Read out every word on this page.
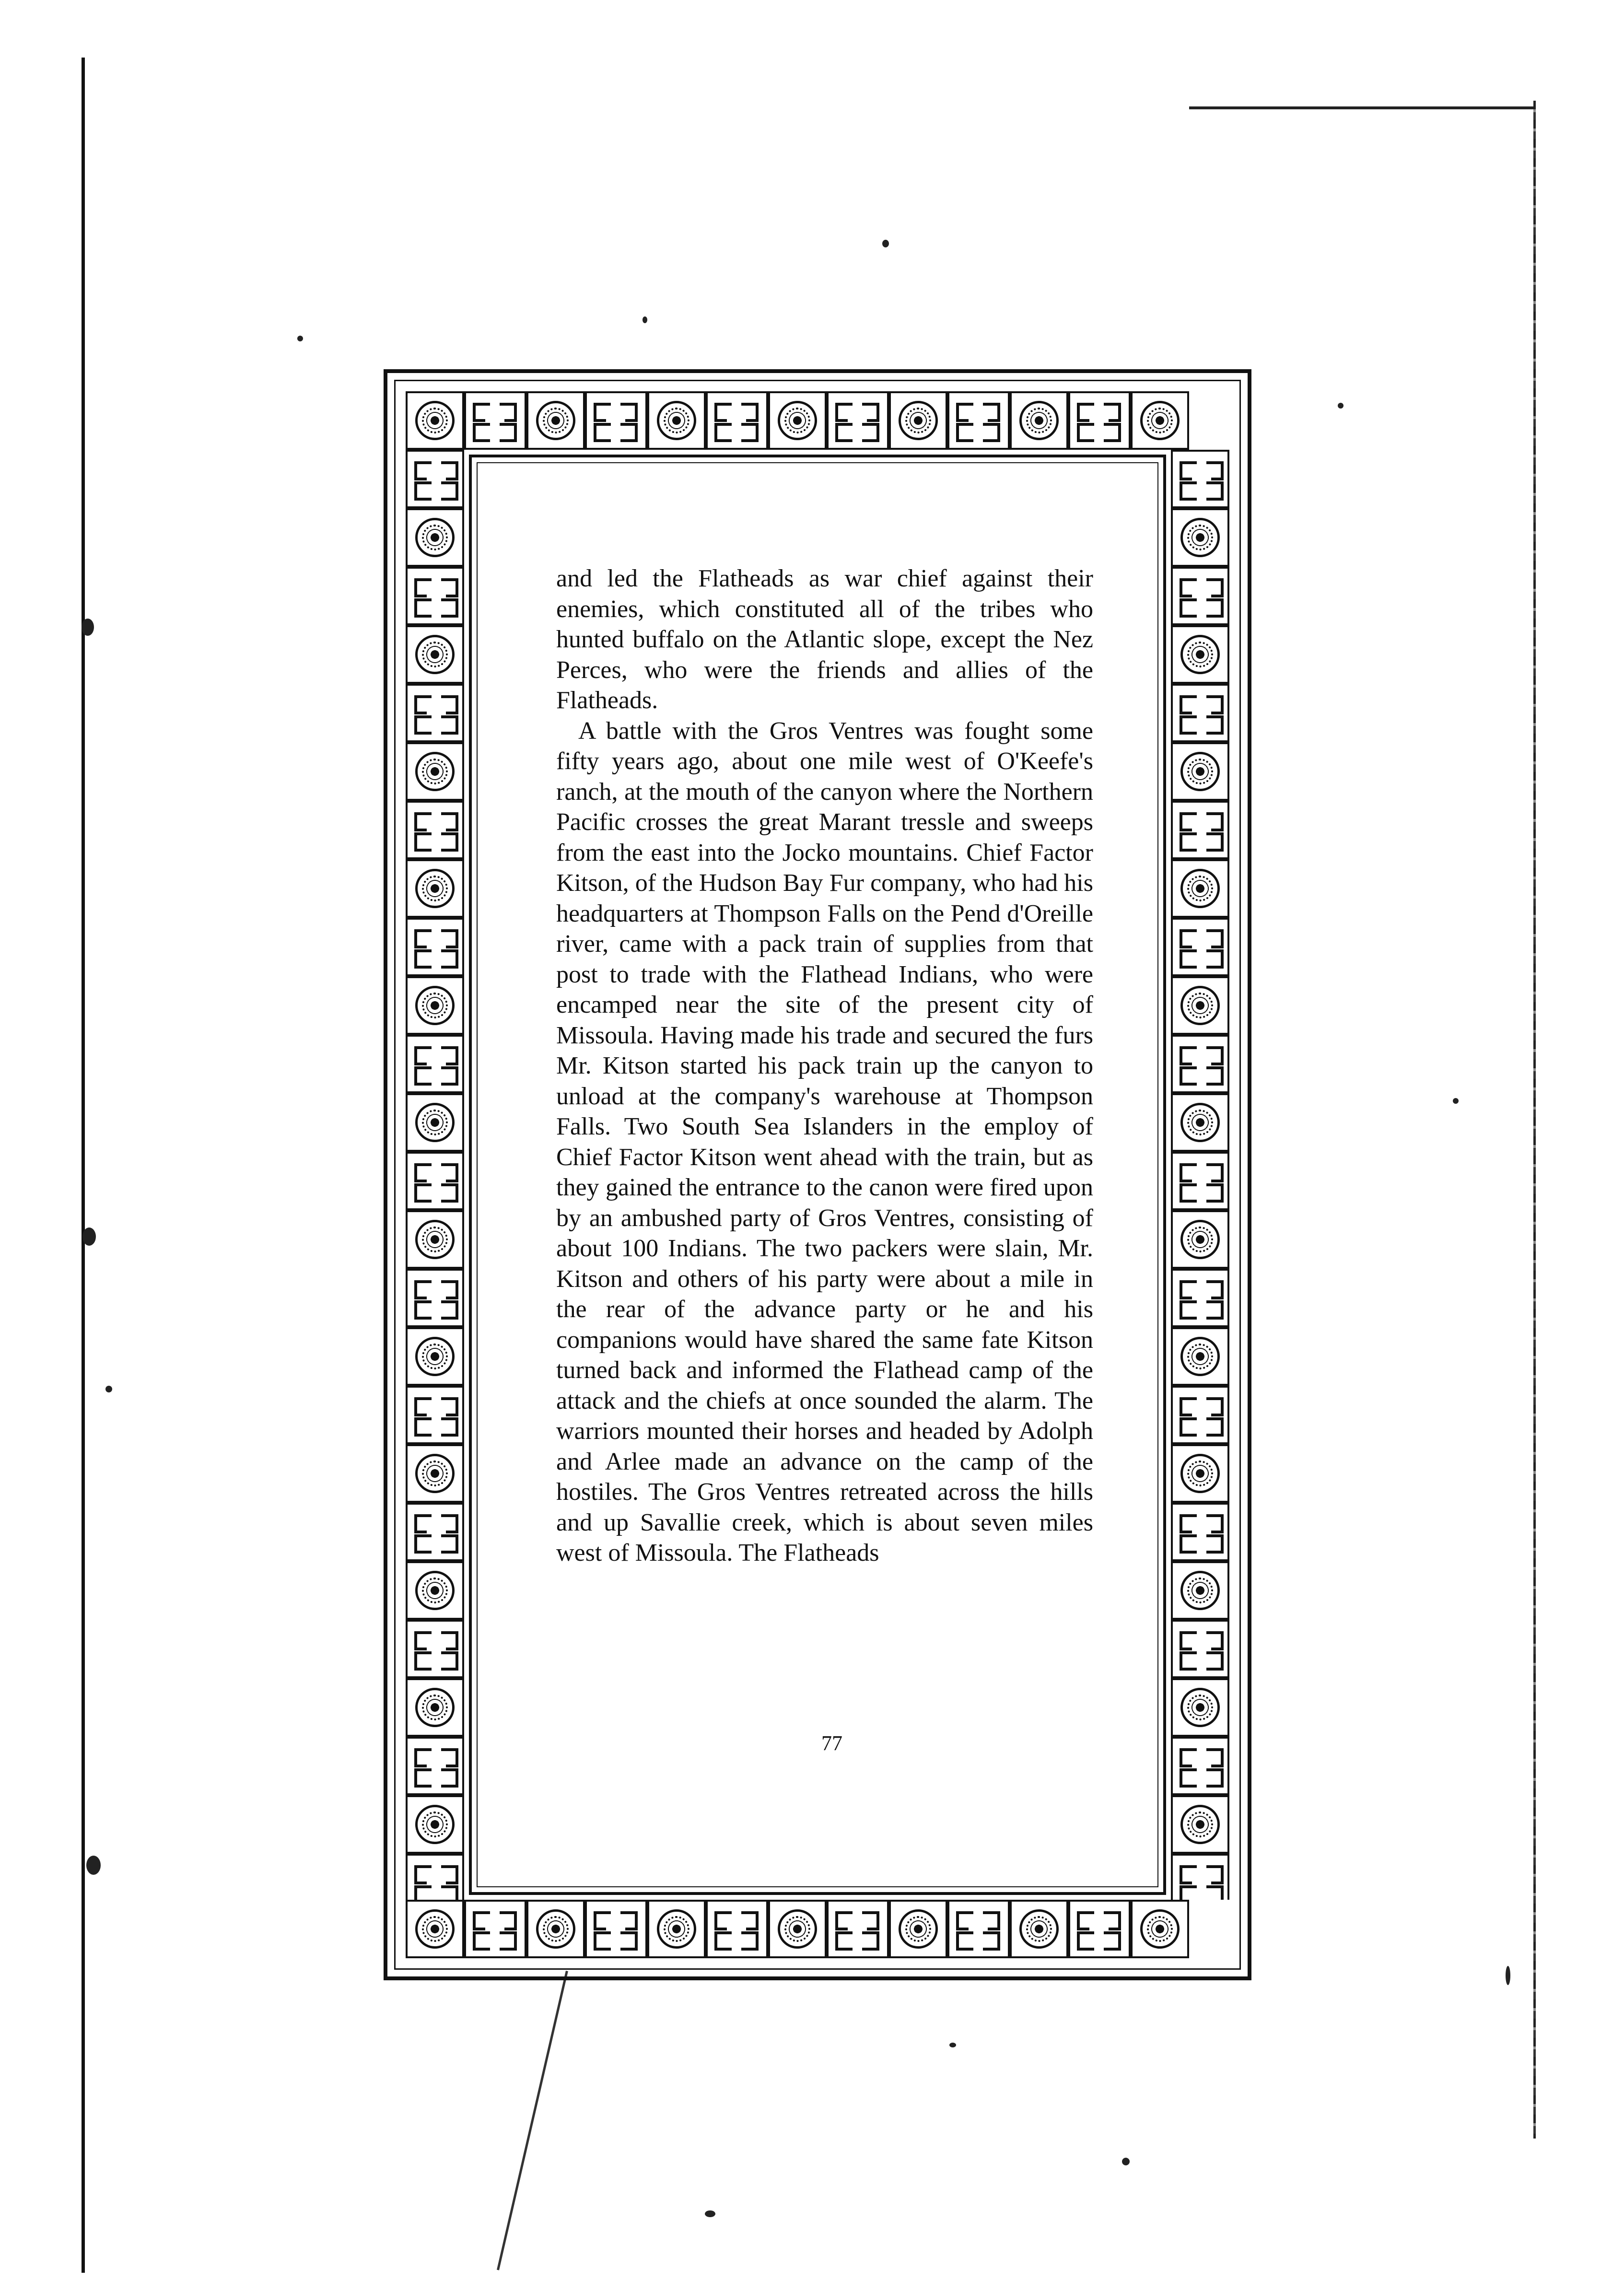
and led the Flatheads as war chief against their enemies, which constituted all of the tribes who hunted buffalo on the Atlantic slope, except the Nez Perces, who were the friends and allies of the Flatheads.

A battle with the Gros Ventres was fought some fifty years ago, about one mile west of O'Keefe's ranch, at the mouth of the canyon where the Northern Pacific crosses the great Marant tressle and sweeps from the east into the Jocko mountains. Chief Factor Kitson, of the Hudson Bay Fur company, who had his headquarters at Thompson Falls on the Pend d'Oreille river, came with a pack train of supplies from that post to trade with the Flathead Indians, who were encamped near the site of the present city of Missoula. Having made his trade and secured the furs Mr. Kitson started his pack train up the canyon to unload at the company's warehouse at Thompson Falls. Two South Sea Islanders in the employ of Chief Factor Kitson went ahead with the train, but as they gained the entrance to the canon were fired upon by an ambushed party of Gros Ventres, consisting of about 100 Indians. The two packers were slain, Mr. Kitson and others of his party were about a mile in the rear of the advance party or he and his companions would have shared the same fate Kitson turned back and informed the Flathead camp of the attack and the chiefs at once sounded the alarm. The warriors mounted their horses and headed by Adolph and Arlee made an advance on the camp of the hostiles. The Gros Ventres retreated across the hills and up Savallie creek, which is about seven miles west of Missoula. The Flatheads

77
